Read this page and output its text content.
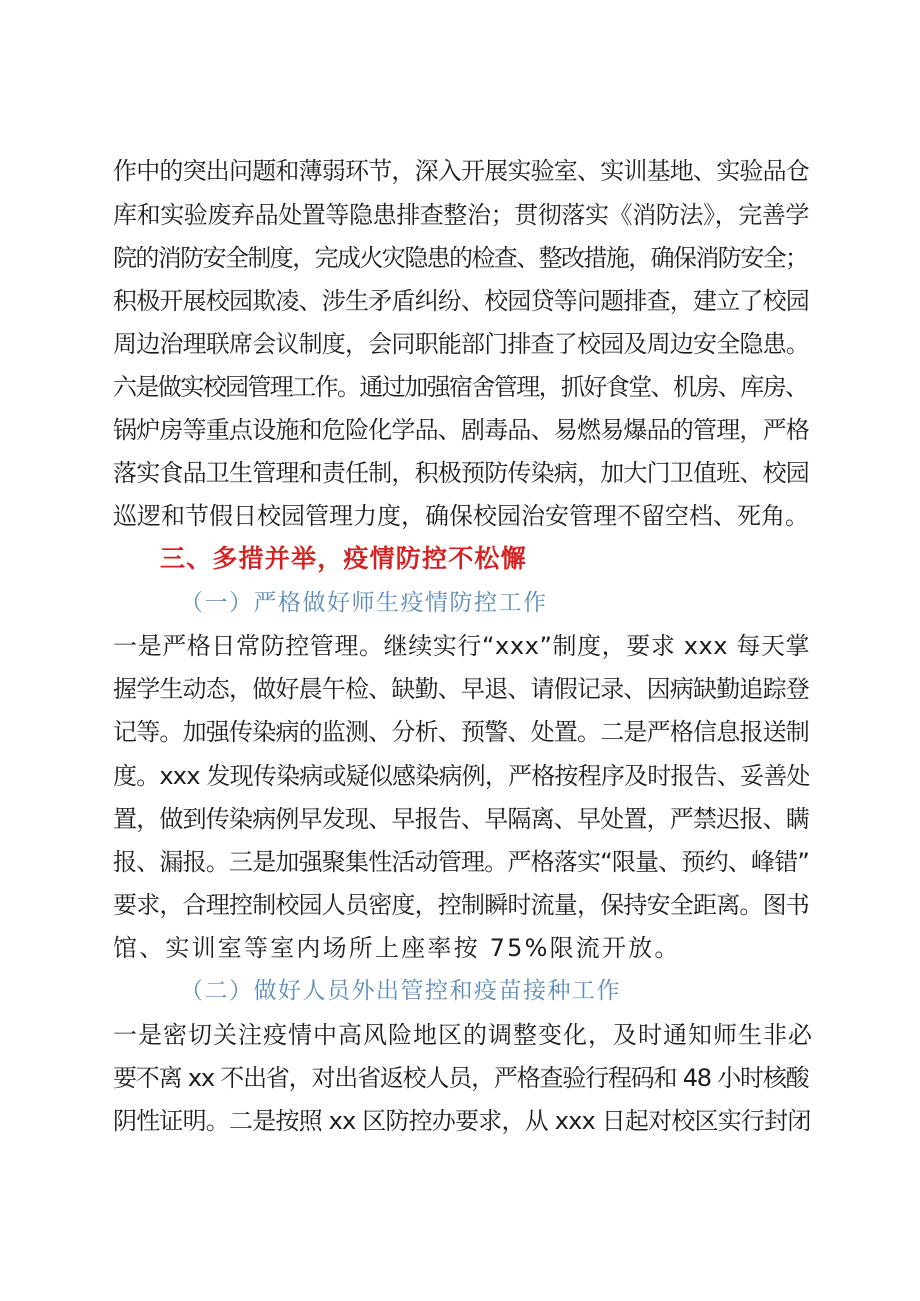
作中的突出问题和薄弱环节，深入开展实验室、实训基地、实验品仓
库和实验废弃品处置等隐患排查整治；贯彻落实《消防法》，完善学
院的消防安全制度，完成火灾隐患的检查、整改措施，确保消防安全；
积极开展校园欺凌、涉生矛盾纠纷、校园贷等问题排查，建立了校园
周边治理联席会议制度，会同职能部门排查了校园及周边安全隐患。
六是做实校园管理工作。通过加强宿舍管理，抓好食堂、机房、库房、
锅炉房等重点设施和危险化学品、剧毒品、易燃易爆品的管理，严格
落实食品卫生管理和责任制，积极预防传染病，加大门卫值班、校园
巡逻和节假日校园管理力度，确保校园治安管理不留空档、死角。
三、多措并举，疫情防控不松懈
（一）严格做好师生疫情防控工作
一是严格日常防控管理。继续实行“xxx”制度，要求 xxx 每天掌
握学生动态，做好晨午检、缺勤、早退、请假记录、因病缺勤追踪登
记等。加强传染病的监测、分析、预警、处置。二是严格信息报送制
度。xxx 发现传染病或疑似感染病例，严格按程序及时报告、妥善处
置，做到传染病例早发现、早报告、早隔离、早处置，严禁迟报、瞒
报、漏报。三是加强聚集性活动管理。严格落实“限量、预约、峰错”
要求，合理控制校园人员密度，控制瞬时流量，保持安全距离。图书
馆、实训室等室内场所上座率按 75%限流开放。
（二）做好人员外出管控和疫苗接种工作
一是密切关注疫情中高风险地区的调整变化，及时通知师生非必
要不离 xx 不出省，对出省返校人员，严格查验行程码和 48 小时核酸
阴性证明。二是按照 xx 区防控办要求，从 xxx 日起对校区实行封闭
